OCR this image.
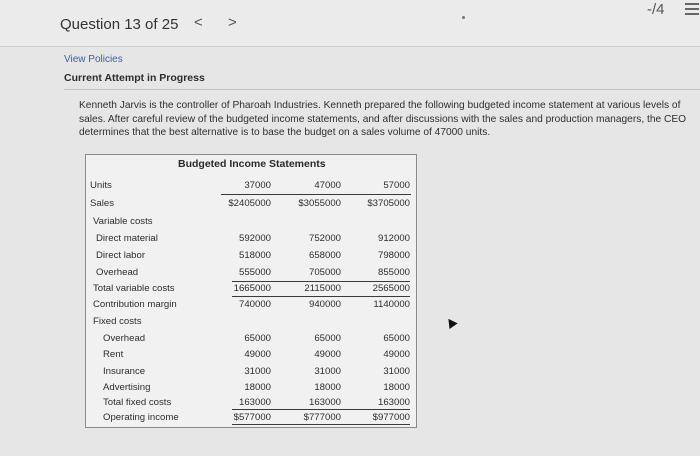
Question 13 of 25 < >
-/4
View Policies
Current Attempt in Progress
Kenneth Jarvis is the controller of Pharoah Industries. Kenneth prepared the following budgeted income statement at various levels of sales. After careful review of the budgeted income statements, and after discussions with the sales and production managers, the CEO determines that the best alternative is to base the budget on a sales volume of 47000 units.
Budgeted Income Statements
Units	37000	47000	57000
Sales	$2405000	$3055000	$3705000
Variable costs
Direct material	592000	752000	912000
Direct labor	518000	658000	798000
Overhead	555000	705000	855000
Total variable costs	1665000	2115000	2565000
Contribution margin	740000	940000	1140000
Fixed costs
Overhead	65000	65000	65000
Rent	49000	49000	49000
Insurance	31000	31000	31000
Advertising	18000	18000	18000
Total fixed costs	163000	163000	163000
Operating income	$577000	$777000	$977000
